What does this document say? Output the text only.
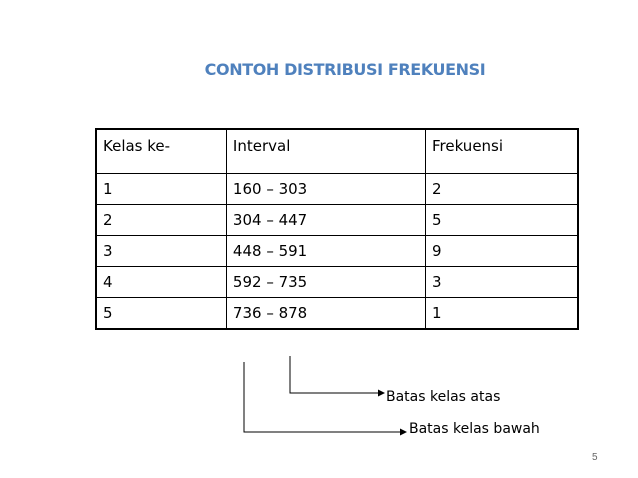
CONTOH DISTRIBUSI FREKUENSI
Kelas ke-	Interval	Frekuensi
1	160 – 303	2
2	304 – 447	5
3	448 – 591	9
4	592 – 735	3
5	736 – 878	1
Batas kelas atas
Batas kelas bawah
5
